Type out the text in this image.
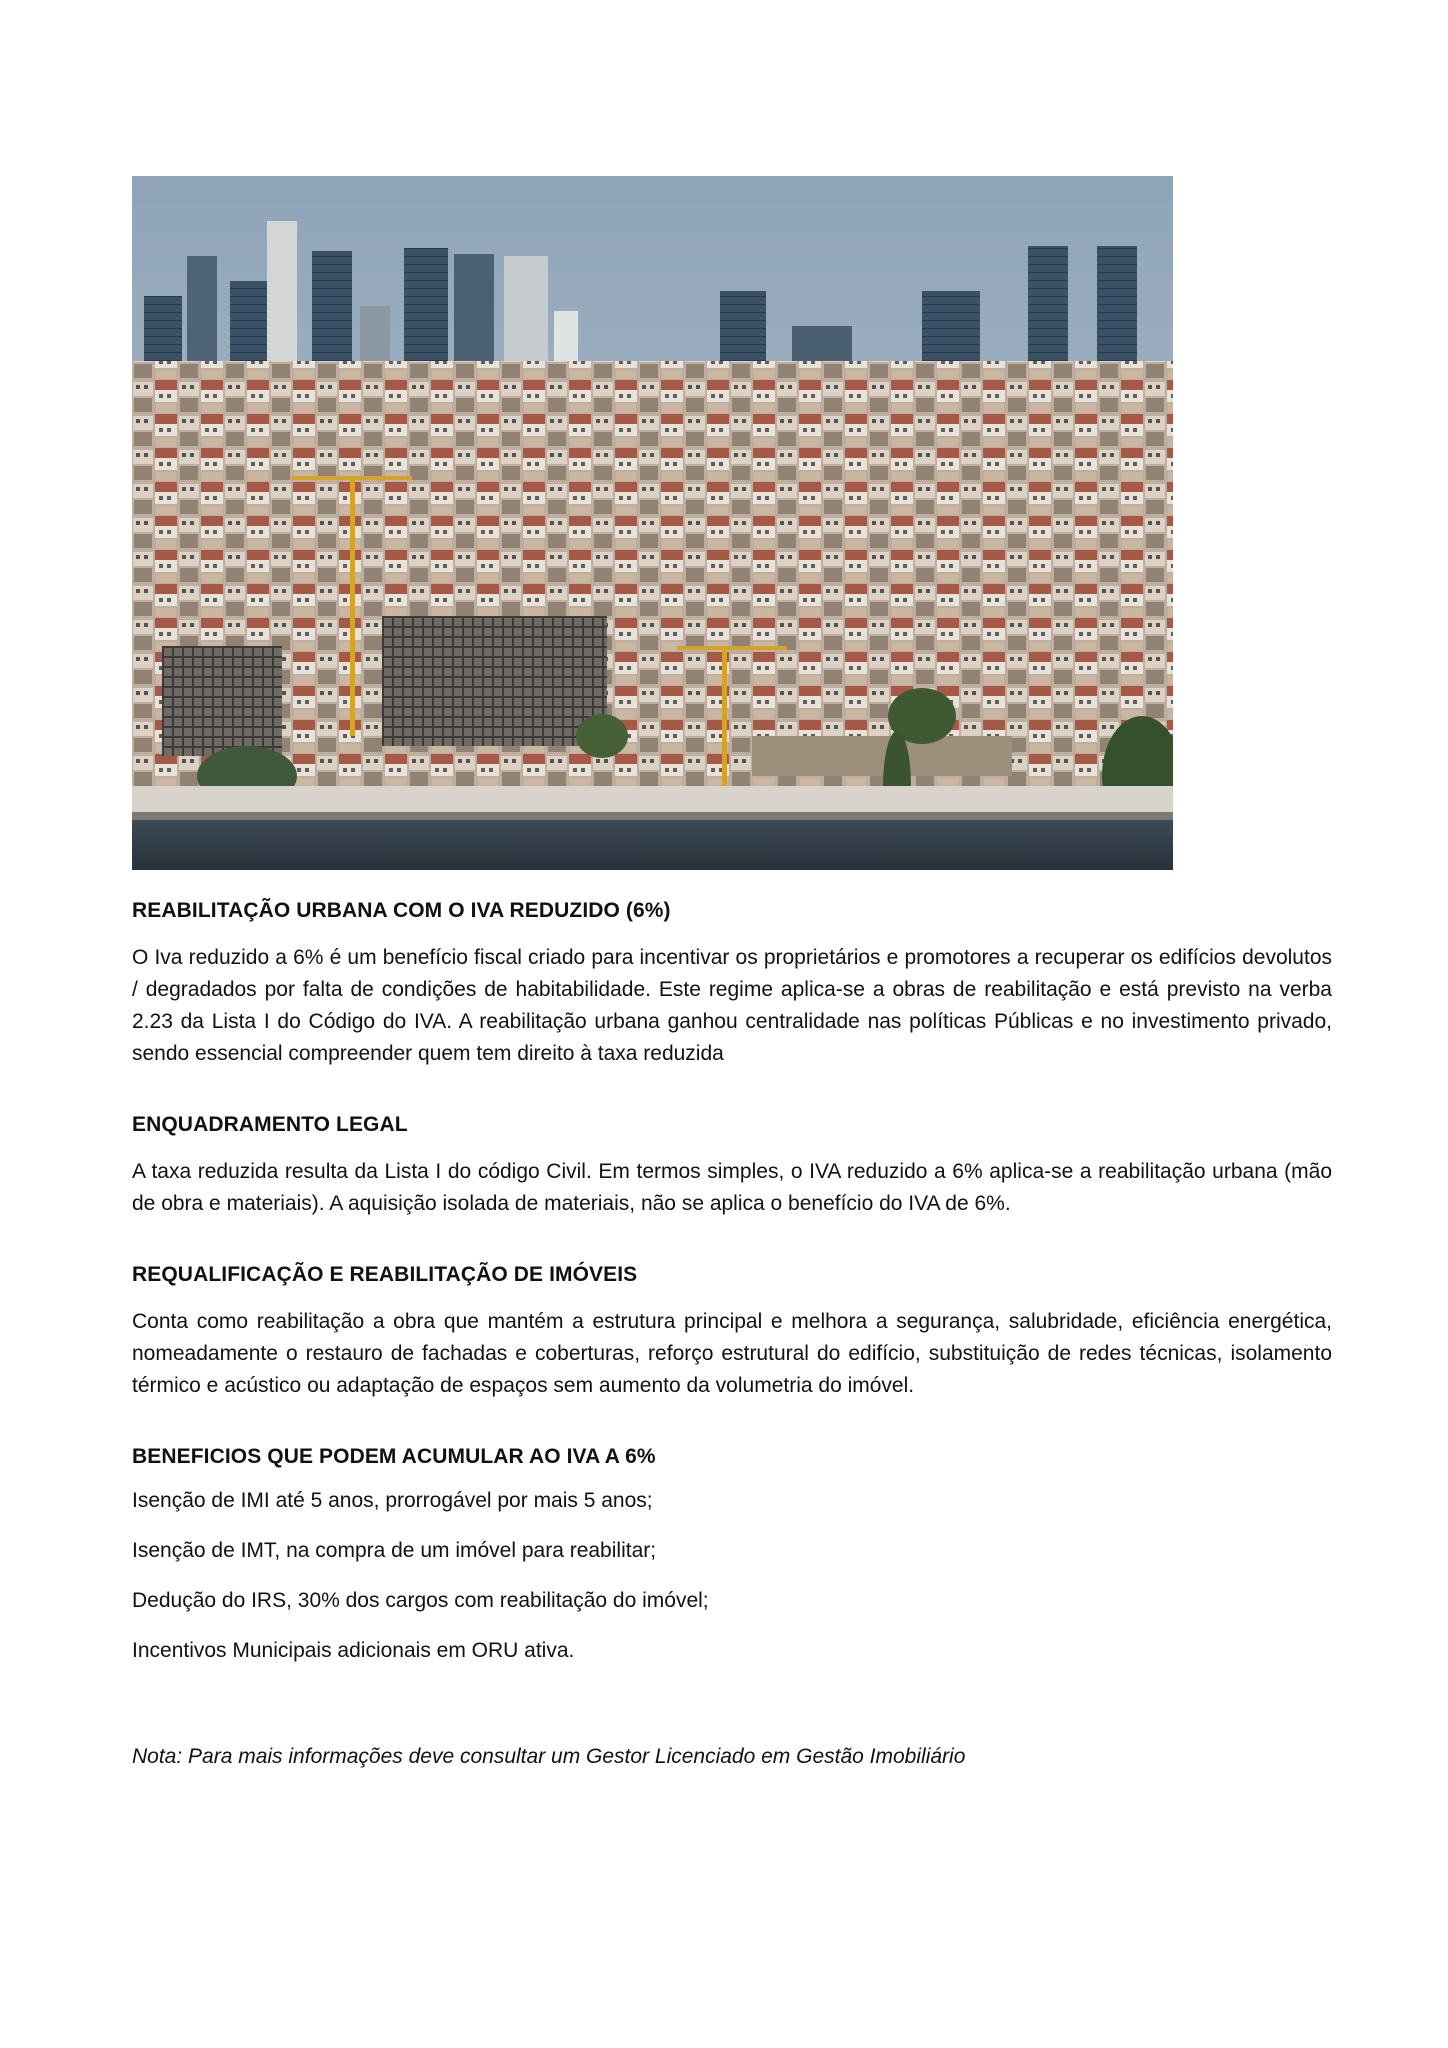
REABILITAÇÃO URBANA COM O IVA REDUZIDO (6%)

O Iva reduzido a 6% é um benefício fiscal criado para incentivar os proprietários e promotores a recuperar os edifícios devolutos / degradados por falta de condições de habitabilidade. Este regime aplica-se a obras de reabilitação e está previsto na verba 2.23 da Lista I do Código do IVA. A reabilitação urbana ganhou centralidade nas políticas Públicas e no investimento privado, sendo essencial compreender quem tem direito à taxa reduzida

ENQUADRAMENTO LEGAL

A taxa reduzida resulta da Lista I do código Civil. Em termos simples, o IVA reduzido a 6% aplica-se a reabilitação urbana (mão de obra e materiais). A aquisição isolada de materiais, não se aplica o benefício do IVA de 6%.

REQUALIFICAÇÃO E REABILITAÇÃO DE IMÓVEIS

Conta como reabilitação a obra que mantém a estrutura principal e melhora a segurança, salubridade, eficiência energética, nomeadamente o restauro de fachadas e coberturas, reforço estrutural do edifício, substituição de redes técnicas, isolamento térmico e acústico ou adaptação de espaços sem aumento da volumetria do imóvel.

BENEFICIOS QUE PODEM ACUMULAR AO IVA A 6%

Isenção de IMI até 5 anos, prorrogável por mais 5 anos;

Isenção de IMT, na compra de um imóvel para reabilitar;

Dedução do IRS, 30% dos cargos com reabilitação do imóvel;

Incentivos Municipais adicionais em ORU ativa.

Nota: Para mais informações deve consultar um Gestor Licenciado em Gestão Imobiliário
